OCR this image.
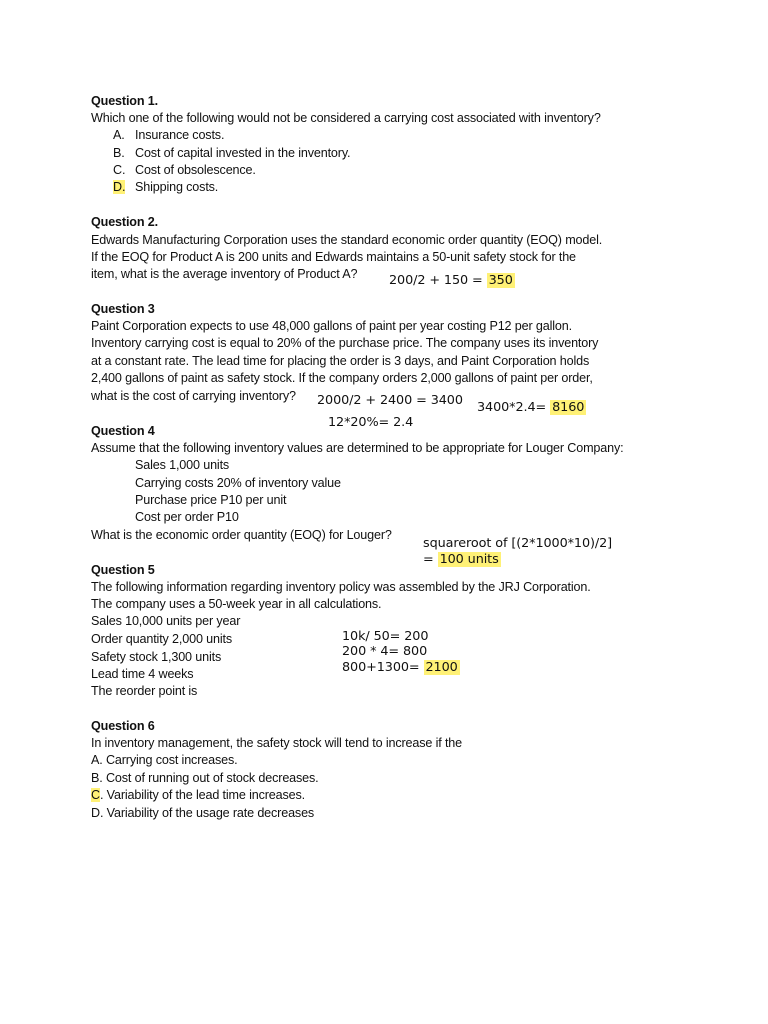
Question 1.
Which one of the following would not be considered a carrying cost associated with inventory?
A. Insurance costs.
B. Cost of capital invested in the inventory.
C. Cost of obsolescence.
D. Shipping costs.
Question 2.
Edwards Manufacturing Corporation uses the standard economic order quantity (EOQ) model.
If the EOQ for Product A is 200 units and Edwards maintains a 50-unit safety stock for the
item, what is the average inventory of Product A? 200/2 + 150 = 350
Question 3
Paint Corporation expects to use 48,000 gallons of paint per year costing P12 per gallon.
Inventory carrying cost is equal to 20% of the purchase price. The company uses its inventory
at a constant rate. The lead time for placing the order is 3 days, and Paint Corporation holds
2,400 gallons of paint as safety stock. If the company orders 2,000 gallons of paint per order,
what is the cost of carrying inventory? 2000/2 + 2400 = 3400 3400*2.4= 8160
12*20%= 2.4
Question 4
Assume that the following inventory values are determined to be appropriate for Louger Company:
Sales 1,000 units
Carrying costs 20% of inventory value
Purchase price P10 per unit
Cost per order P10
What is the economic order quantity (EOQ) for Louger?
squareroot of [(2*1000*10)/2]
= 100 units
Question 5
The following information regarding inventory policy was assembled by the JRJ Corporation.
The company uses a 50-week year in all calculations.
Sales 10,000 units per year
Order quantity 2,000 units
Safety stock 1,300 units
Lead time 4 weeks
The reorder point is
10k/ 50= 200
200 * 4= 800
800+1300= 2100
Question 6
In inventory management, the safety stock will tend to increase if the
A. Carrying cost increases.
B. Cost of running out of stock decreases.
C. Variability of the lead time increases.
D. Variability of the usage rate decreases
